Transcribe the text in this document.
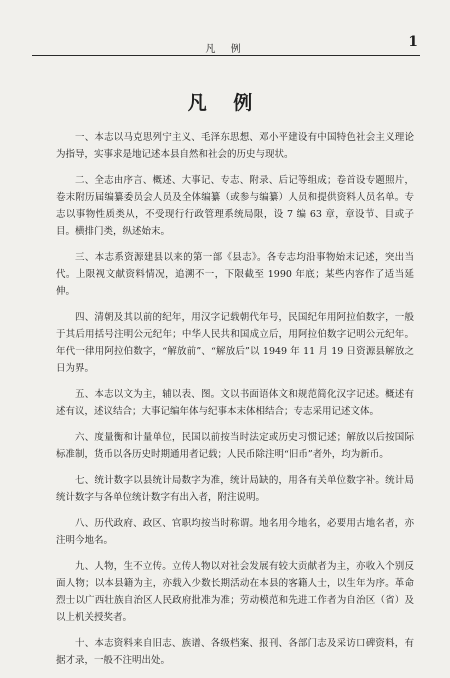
凡 例	1
凡 例

一、本志以马克思列宁主义、毛泽东思想、邓小平建设有中国特色社会主义理论为指导，实事求是地记述本县自然和社会的历史与现状。

二、全志由序言、概述、大事记、专志、附录、后记等组成；卷首设专题照片，卷末附历届编纂委员会人员及全体编纂（或参与编纂）人员和提供资料人员名单。专志以事物性质类从，不受现行行政管理系统局限，设 7 编 63 章，章设节、目或子目。横排门类，纵述始末。

三、本志系资源建县以来的第一部《县志》。各专志均沿事物始末记述，突出当代。上限视文献资料情况，追溯不一，下限截至 1990 年底；某些内容作了适当延伸。

四、清朝及其以前的纪年，用汉字记载朝代年号，民国纪年用阿拉伯数字，一般于其后用括号注明公元纪年；中华人民共和国成立后，用阿拉伯数字记明公元纪年。年代一律用阿拉伯数字，“解放前”、“解放后”以 1949 年 11 月 19 日资源县解放之日为界。

五、本志以文为主，辅以表、图。文以书面语体文和规范简化汉字记述。概述有述有议，述议结合；大事记编年体与纪事本末体相结合；专志采用记述文体。

六、度量衡和计量单位，民国以前按当时法定或历史习惯记述；解放以后按国际标准制，货币以各历史时期通用者记载；人民币除注明“旧币”者外，均为新币。

七、统计数字以县统计局数字为准，统计局缺的，用各有关单位数字补。统计局统计数字与各单位统计数字有出入者，附注说明。

八、历代政府、政区、官职均按当时称谓。地名用今地名，必要用古地名者，亦注明今地名。

九、人物，生不立传。立传人物以对社会发展有较大贡献者为主，亦收入个别反面人物；以本县籍为主，亦载入少数长期活动在本县的客籍人士，以生年为序。革命烈士以广西壮族自治区人民政府批准为准；劳动模范和先进工作者为自治区（省）及以上机关授奖者。

十、本志资料来自旧志、族谱、各级档案、报刊、各部门志及采访口碑资料，有据才录，一般不注明出处。
